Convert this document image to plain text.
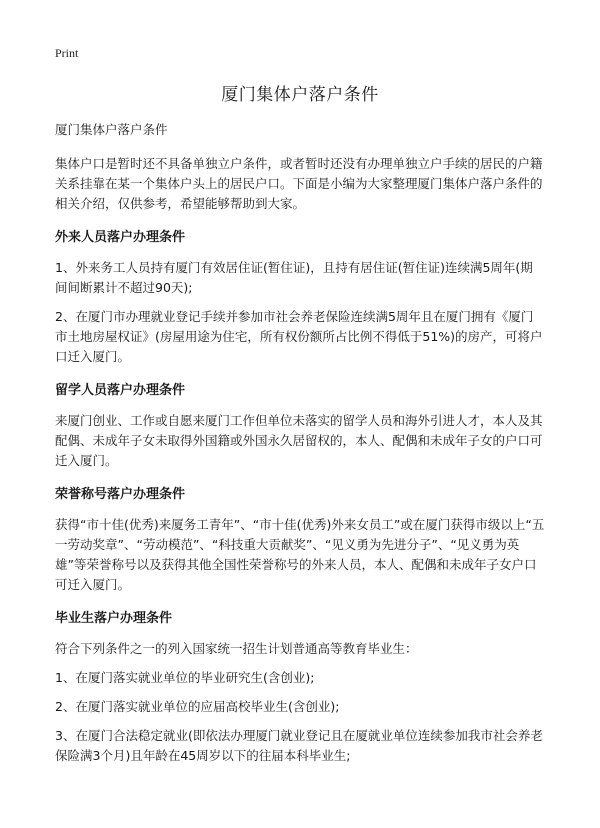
Print
厦门集体户落户条件

厦门集体户落户条件

集体户口是暂时还不具备单独立户条件，或者暂时还没有办理单独立户手续的居民的户籍关系挂靠在某一个集体户头上的居民户口。下面是小编为大家整理厦门集体户落户条件的相关介绍，仅供参考，希望能够帮助到大家。

外来人员落户办理条件

1、外来务工人员持有厦门有效居住证(暂住证)，且持有居住证(暂住证)连续满5周年(期间间断累计不超过90天);

2、在厦门市办理就业登记手续并参加市社会养老保险连续满5周年且在厦门拥有《厦门市土地房屋权证》(房屋用途为住宅，所有权份额所占比例不得低于51%)的房产，可将户口迁入厦门。

留学人员落户办理条件

来厦门创业、工作或自愿来厦门工作但单位未落实的留学人员和海外引进人才，本人及其配偶、未成年子女未取得外国籍或外国永久居留权的，本人、配偶和未成年子女的户口可迁入厦门。

荣誉称号落户办理条件

获得“市十佳(优秀)来厦务工青年”、“市十佳(优秀)外来女员工”或在厦门获得市级以上“五一劳动奖章”、“劳动模范”、“科技重大贡献奖”、“见义勇为先进分子”、“见义勇为英雄”等荣誉称号以及获得其他全国性荣誉称号的外来人员，本人、配偶和未成年子女户口可迁入厦门。

毕业生落户办理条件

符合下列条件之一的列入国家统一招生计划普通高等教育毕业生：

1、在厦门落实就业单位的毕业研究生(含创业);

2、在厦门落实就业单位的应届高校毕业生(含创业);

3、在厦门合法稳定就业(即依法办理厦门就业登记且在厦就业单位连续参加我市社会养老保险满3个月)且年龄在45周岁以下的往届本科毕业生;
